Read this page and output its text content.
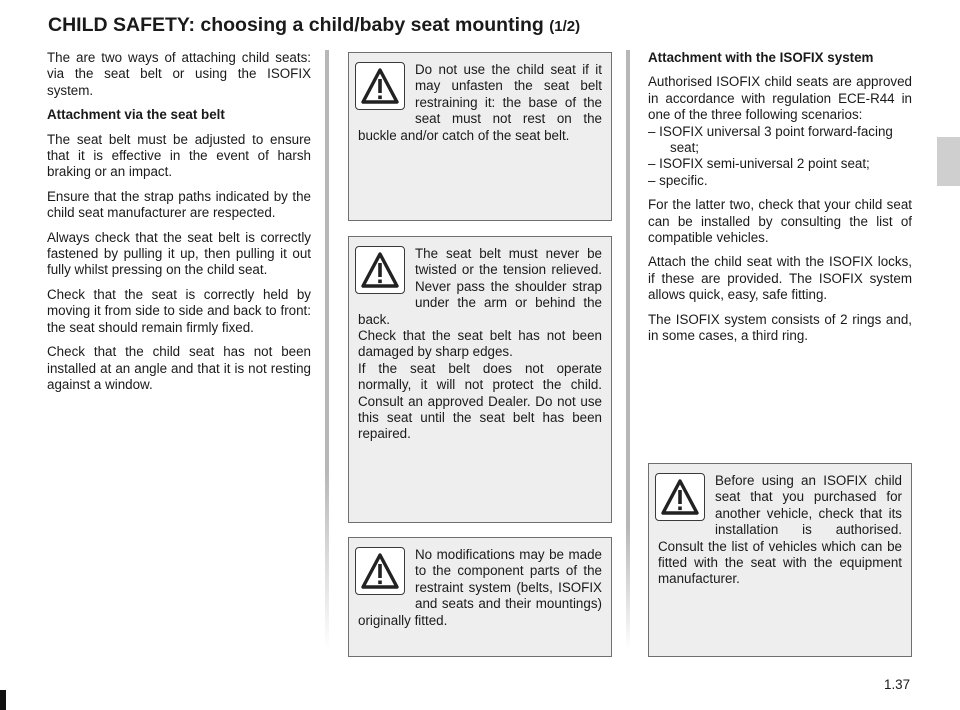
CHILD SAFETY: choosing a child/baby seat mounting (1/2)

The are two ways of attaching child seats: via the seat belt or using the ISOFIX system.

Attachment via the seat belt

The seat belt must be adjusted to ensure that it is effective in the event of harsh braking or an impact.

Ensure that the strap paths indicated by the child seat manufacturer are respected.

Always check that the seat belt is correctly fastened by pulling it up, then pulling it out fully whilst pressing on the child seat.

Check that the seat is correctly held by moving it from side to side and back to front: the seat should remain firmly fixed.

Check that the child seat has not been installed at an angle and that it is not resting against a window.

Do not use the child seat if it may unfasten the seat belt restraining it: the base of the seat must not rest on the buckle and/or catch of the seat belt.

The seat belt must never be twisted or the tension relieved. Never pass the shoulder strap under the arm or behind the back.

Check that the seat belt has not been damaged by sharp edges.

If the seat belt does not operate normally, it will not protect the child. Consult an approved Dealer. Do not use this seat until the seat belt has been repaired.

No modifications may be made to the component parts of the restraint system (belts, ISOFIX and seats and their mountings) originally fitted.

Attachment with the ISOFIX system

Authorised ISOFIX child seats are approved in accordance with regulation ECE-R44 in one of the three following scenarios:

– ISOFIX universal 3 point forward-facing seat;
– ISOFIX semi-universal 2 point seat;
– specific.

For the latter two, check that your child seat can be installed by consulting the list of compatible vehicles.

Attach the child seat with the ISOFIX locks, if these are provided. The ISOFIX system allows quick, easy, safe fitting.

The ISOFIX system consists of 2 rings and, in some cases, a third ring.

Before using an ISOFIX child seat that you purchased for another vehicle, check that its installation is authorised. Consult the list of vehicles which can be fitted with the seat with the equipment manufacturer.

1.37
